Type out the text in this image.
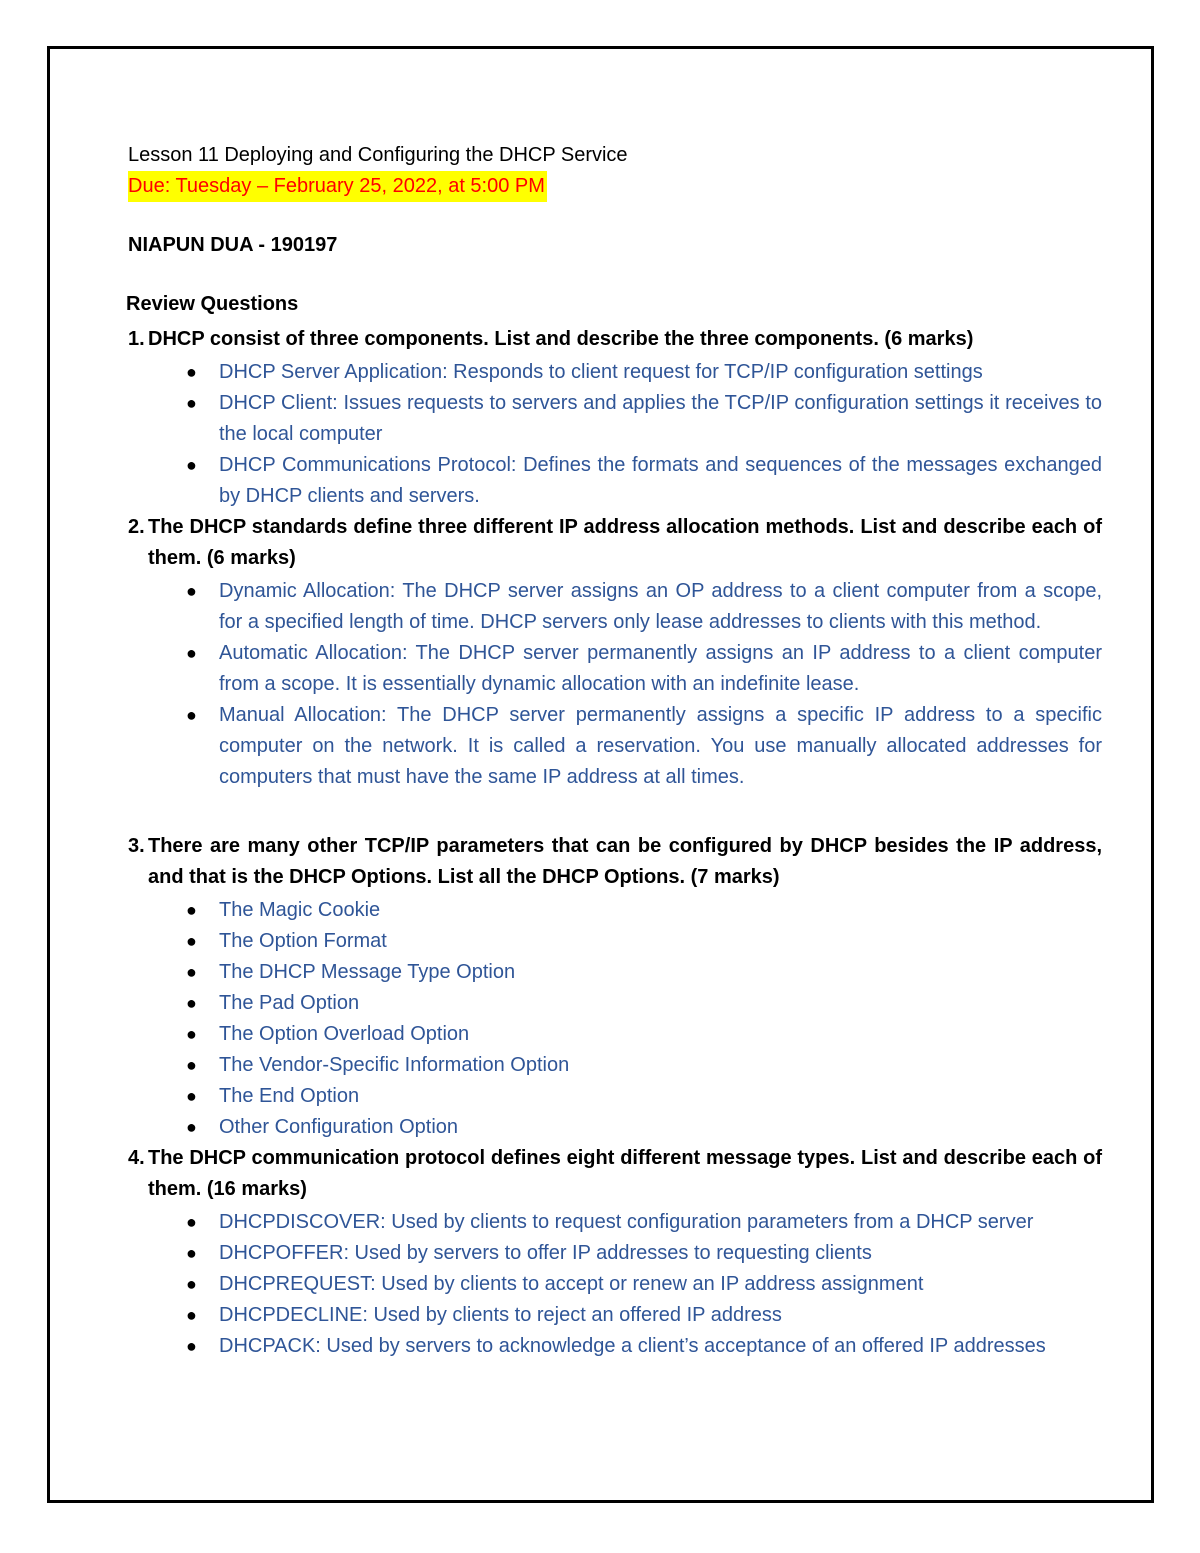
Lesson 11 Deploying and Configuring the DHCP Service

Due: Tuesday – February 25, 2022, at 5:00 PM

NIAPUN DUA - 190197

Review Questions

1. DHCP consist of three components. List and describe the three components. (6 marks)
● DHCP Server Application: Responds to client request for TCP/IP configuration settings
● DHCP Client: Issues requests to servers and applies the TCP/IP configuration settings it receives to the local computer
● DHCP Communications Protocol: Defines the formats and sequences of the messages exchanged by DHCP clients and servers.
2. The DHCP standards define three different IP address allocation methods. List and describe each of them. (6 marks)
● Dynamic Allocation: The DHCP server assigns an OP address to a client computer from a scope, for a specified length of time. DHCP servers only lease addresses to clients with this method.
● Automatic Allocation: The DHCP server permanently assigns an IP address to a client computer from a scope. It is essentially dynamic allocation with an indefinite lease.
● Manual Allocation: The DHCP server permanently assigns a specific IP address to a specific computer on the network. It is called a reservation. You use manually allocated addresses for computers that must have the same IP address at all times.
3. There are many other TCP/IP parameters that can be configured by DHCP besides the IP address, and that is the DHCP Options. List all the DHCP Options. (7 marks)
● The Magic Cookie
● The Option Format
● The DHCP Message Type Option
● The Pad Option
● The Option Overload Option
● The Vendor-Specific Information Option
● The End Option
● Other Configuration Option
4. The DHCP communication protocol defines eight different message types. List and describe each of them. (16 marks)
● DHCPDISCOVER: Used by clients to request configuration parameters from a DHCP server
● DHCPOFFER: Used by servers to offer IP addresses to requesting clients
● DHCPREQUEST: Used by clients to accept or renew an IP address assignment
● DHCPDECLINE: Used by clients to reject an offered IP address
● DHCPACK: Used by servers to acknowledge a client’s acceptance of an offered IP addresses
